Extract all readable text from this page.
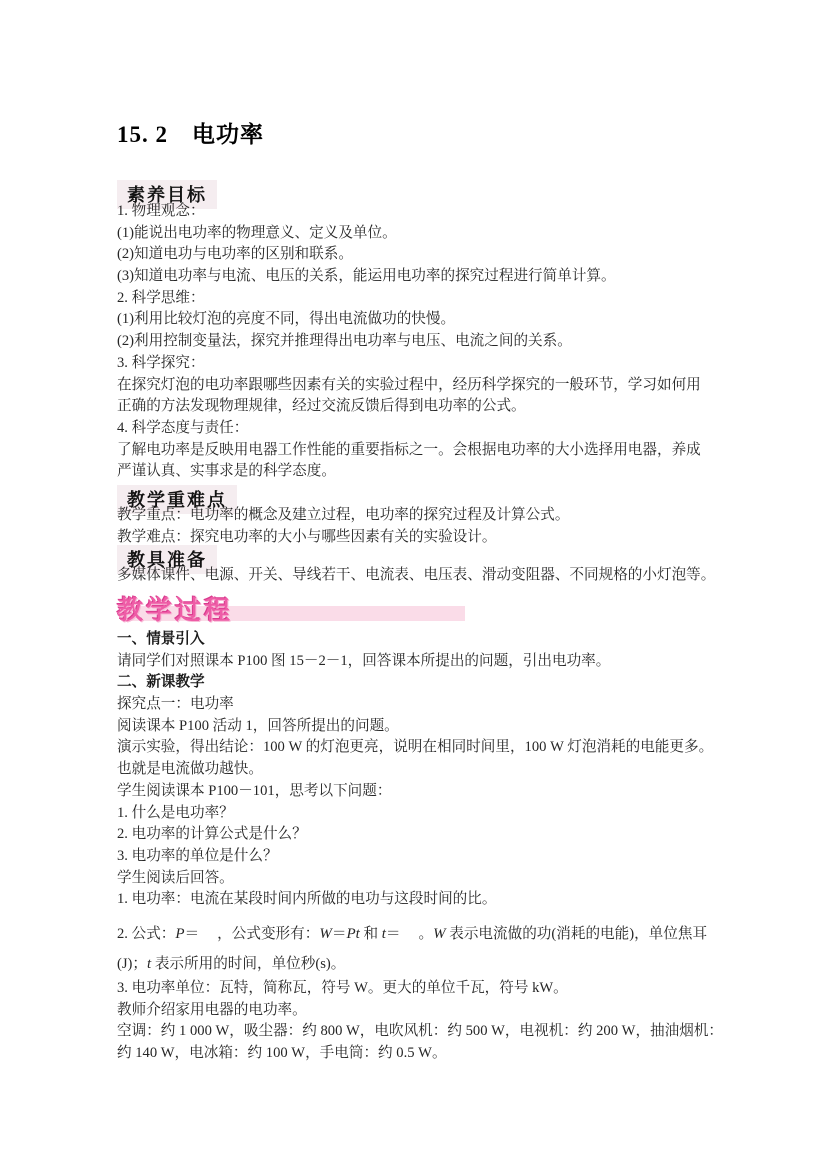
15. 2　电功率
素养目标
1. 物理观念：
(1)能说出电功率的物理意义、定义及单位。
(2)知道电功与电功率的区别和联系。
(3)知道电功率与电流、电压的关系，能运用电功率的探究过程进行简单计算。
2. 科学思维：
(1)利用比较灯泡的亮度不同，得出电流做功的快慢。
(2)利用控制变量法，探究并推理得出电功率与电压、电流之间的关系。
3. 科学探究：
在探究灯泡的电功率跟哪些因素有关的实验过程中，经历科学探究的一般环节，学习如何用
正确的方法发现物理规律，经过交流反馈后得到电功率的公式。
4. 科学态度与责任：
了解电功率是反映用电器工作性能的重要指标之一。会根据电功率的大小选择用电器，养成
严谨认真、实事求是的科学态度。
教学重难点
教学重点：电功率的概念及建立过程，电功率的探究过程及计算公式。
教学难点：探究电功率的大小与哪些因素有关的实验设计。
教具准备
多媒体课件、电源、开关、导线若干、电流表、电压表、滑动变阻器、不同规格的小灯泡等。
教学过程
一、情景引入
请同学们对照课本 P100 图 15－2－1，回答课本所提出的问题，引出电功率。
二、新课教学
探究点一：电功率
阅读课本 P100 活动 1，回答所提出的问题。
演示实验，得出结论：100 W 的灯泡更亮，说明在相同时间里，100 W 灯泡消耗的电能更多。
也就是电流做功越快。
学生阅读课本 P100－101，思考以下问题：
1. 什么是电功率？
2. 电功率的计算公式是什么？
3. 电功率的单位是什么？
学生阅读后回答。
1. 电功率：电流在某段时间内所做的电功与这段时间的比。
2. 公式：P＝　 ，公式变形有：W＝Pt 和 t＝　 。W 表示电流做的功(消耗的电能)，单位焦耳
(J)；t 表示所用的时间，单位秒(s)。
3. 电功率单位：瓦特，简称瓦，符号 W。更大的单位千瓦，符号 kW。
教师介绍家用电器的电功率。
空调：约 1 000 W，吸尘器：约 800 W，电吹风机：约 500 W，电视机：约 200 W，抽油烟机：
约 140 W，电冰箱：约 100 W，手电筒：约 0.5 W。
